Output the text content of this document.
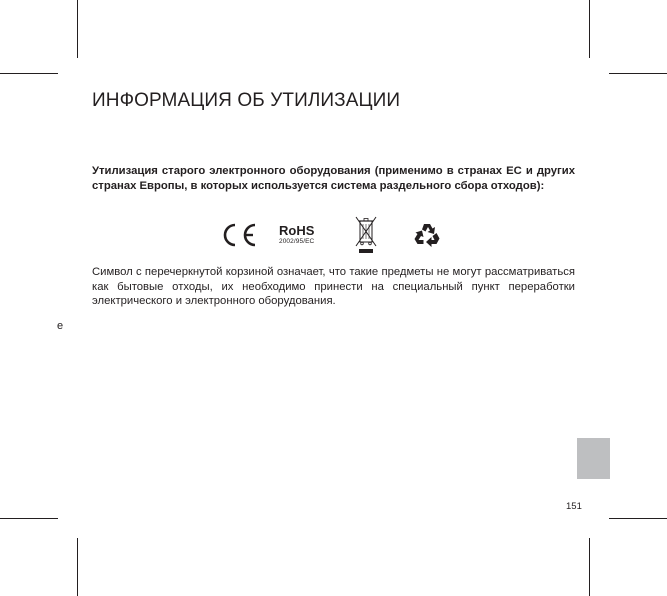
ИНФОРМАЦИЯ ОБ УТИЛИЗАЦИИ
Утилизация старого электронного оборудования (применимо в странах ЕС и других странах Европы, в которых используется система раздельного сбора отходов):
CE	RoHS
2002/95/EC
Символ с перечеркнутой корзиной означает, что такие предметы не могут рассматриваться как бытовые отходы, их необходимо принести на специальный пункт переработки электрического и электронного оборудования.
e
151
